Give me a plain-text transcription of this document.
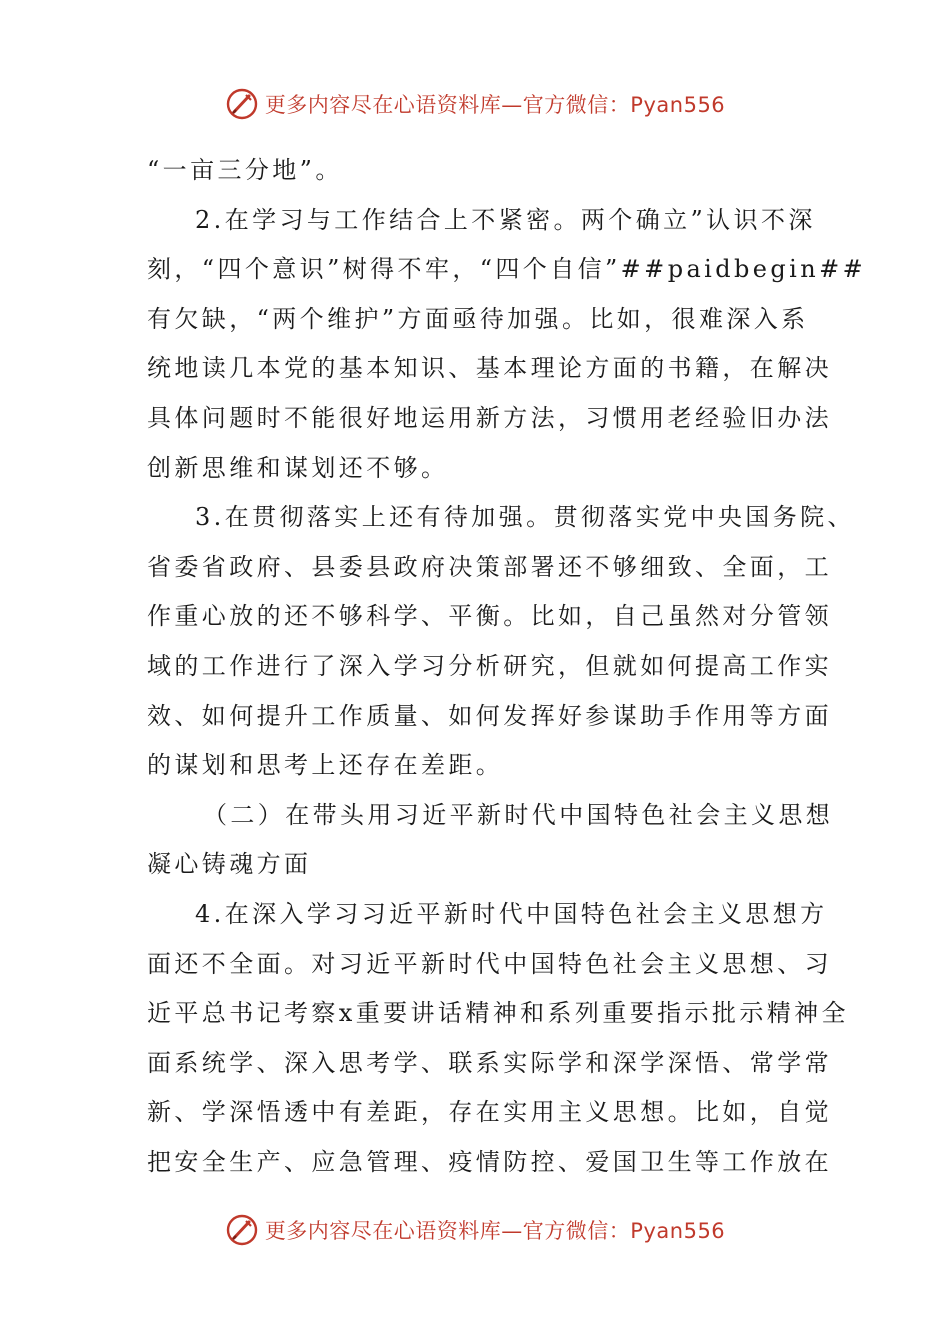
更多内容尽在心语资料库—官方微信：Pyan556
“一亩三分地”。
2.在学习与工作结合上不紧密。两个确立”认识不深
刻，“四个意识”树得不牢，“四个自信”##paidbegin##
有欠缺，“两个维护”方面亟待加强。比如，很难深入系
统地读几本党的基本知识、基本理论方面的书籍，在解决
具体问题时不能很好地运用新方法，习惯用老经验旧办法
创新思维和谋划还不够。
3.在贯彻落实上还有待加强。贯彻落实党中央国务院、
省委省政府、县委县政府决策部署还不够细致、全面，工
作重心放的还不够科学、平衡。比如，自己虽然对分管领
域的工作进行了深入学习分析研究，但就如何提高工作实
效、如何提升工作质量、如何发挥好参谋助手作用等方面
的谋划和思考上还存在差距。
（二）在带头用习近平新时代中国特色社会主义思想
凝心铸魂方面
4.在深入学习习近平新时代中国特色社会主义思想方
面还不全面。对习近平新时代中国特色社会主义思想、习
近平总书记考察x重要讲话精神和系列重要指示批示精神全
面系统学、深入思考学、联系实际学和深学深悟、常学常
新、学深悟透中有差距，存在实用主义思想。比如，自觉
把安全生产、应急管理、疫情防控、爱国卫生等工作放在
更多内容尽在心语资料库—官方微信：Pyan556
